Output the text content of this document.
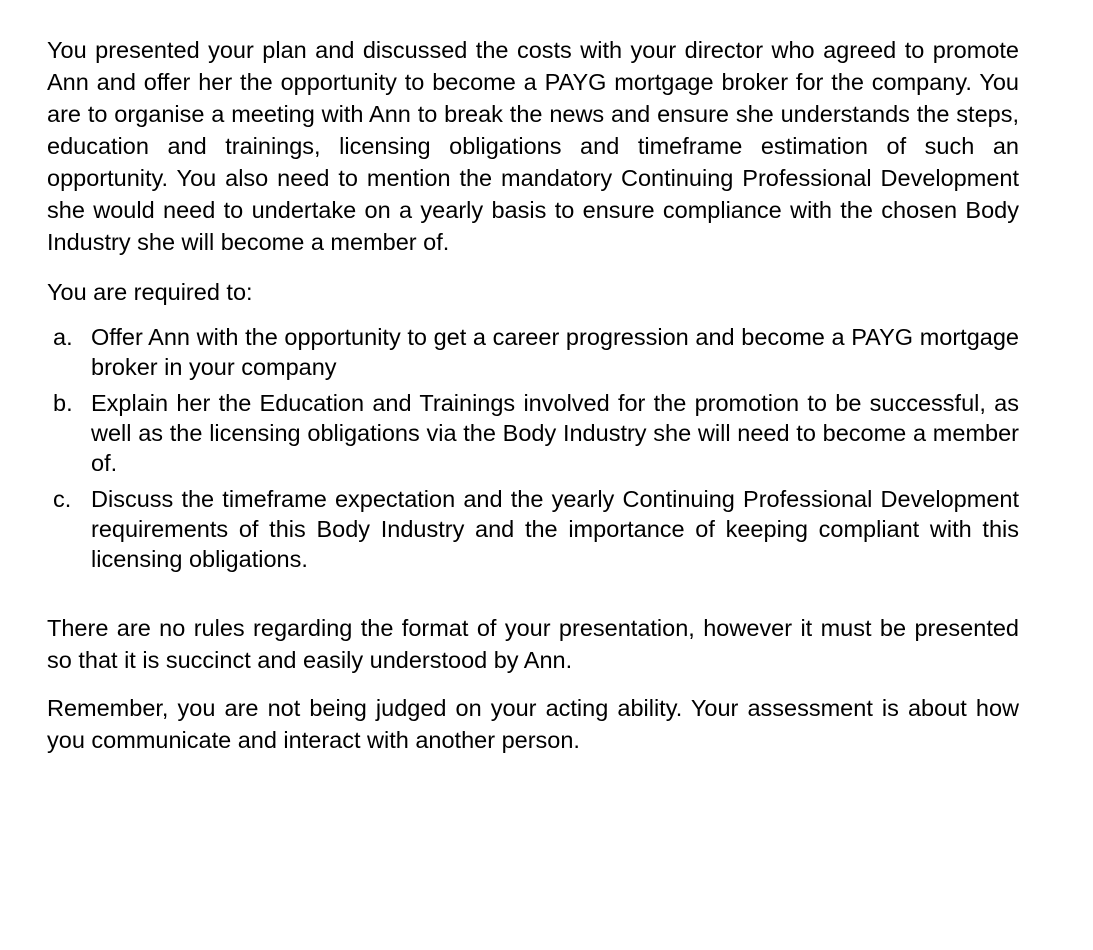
You presented your plan and discussed the costs with your director who agreed to promote Ann and offer her the opportunity to become a PAYG mortgage broker for the company. You are to organise a meeting with Ann to break the news and ensure she understands the steps, education and trainings, licensing obligations and timeframe estimation of such an opportunity. You also need to mention the mandatory Continuing Professional Development she would need to undertake on a yearly basis to ensure compliance with the chosen Body Industry she will become a member of.

You are required to:

a. Offer Ann with the opportunity to get a career progression and become a PAYG mortgage broker in your company
b. Explain her the Education and Trainings involved for the promotion to be successful, as well as the licensing obligations via the Body Industry she will need to become a member of.
c. Discuss the timeframe expectation and the yearly Continuing Professional Development requirements of this Body Industry and the importance of keeping compliant with this licensing obligations.

There are no rules regarding the format of your presentation, however it must be presented so that it is succinct and easily understood by Ann.

Remember, you are not being judged on your acting ability. Your assessment is about how you communicate and interact with another person.
